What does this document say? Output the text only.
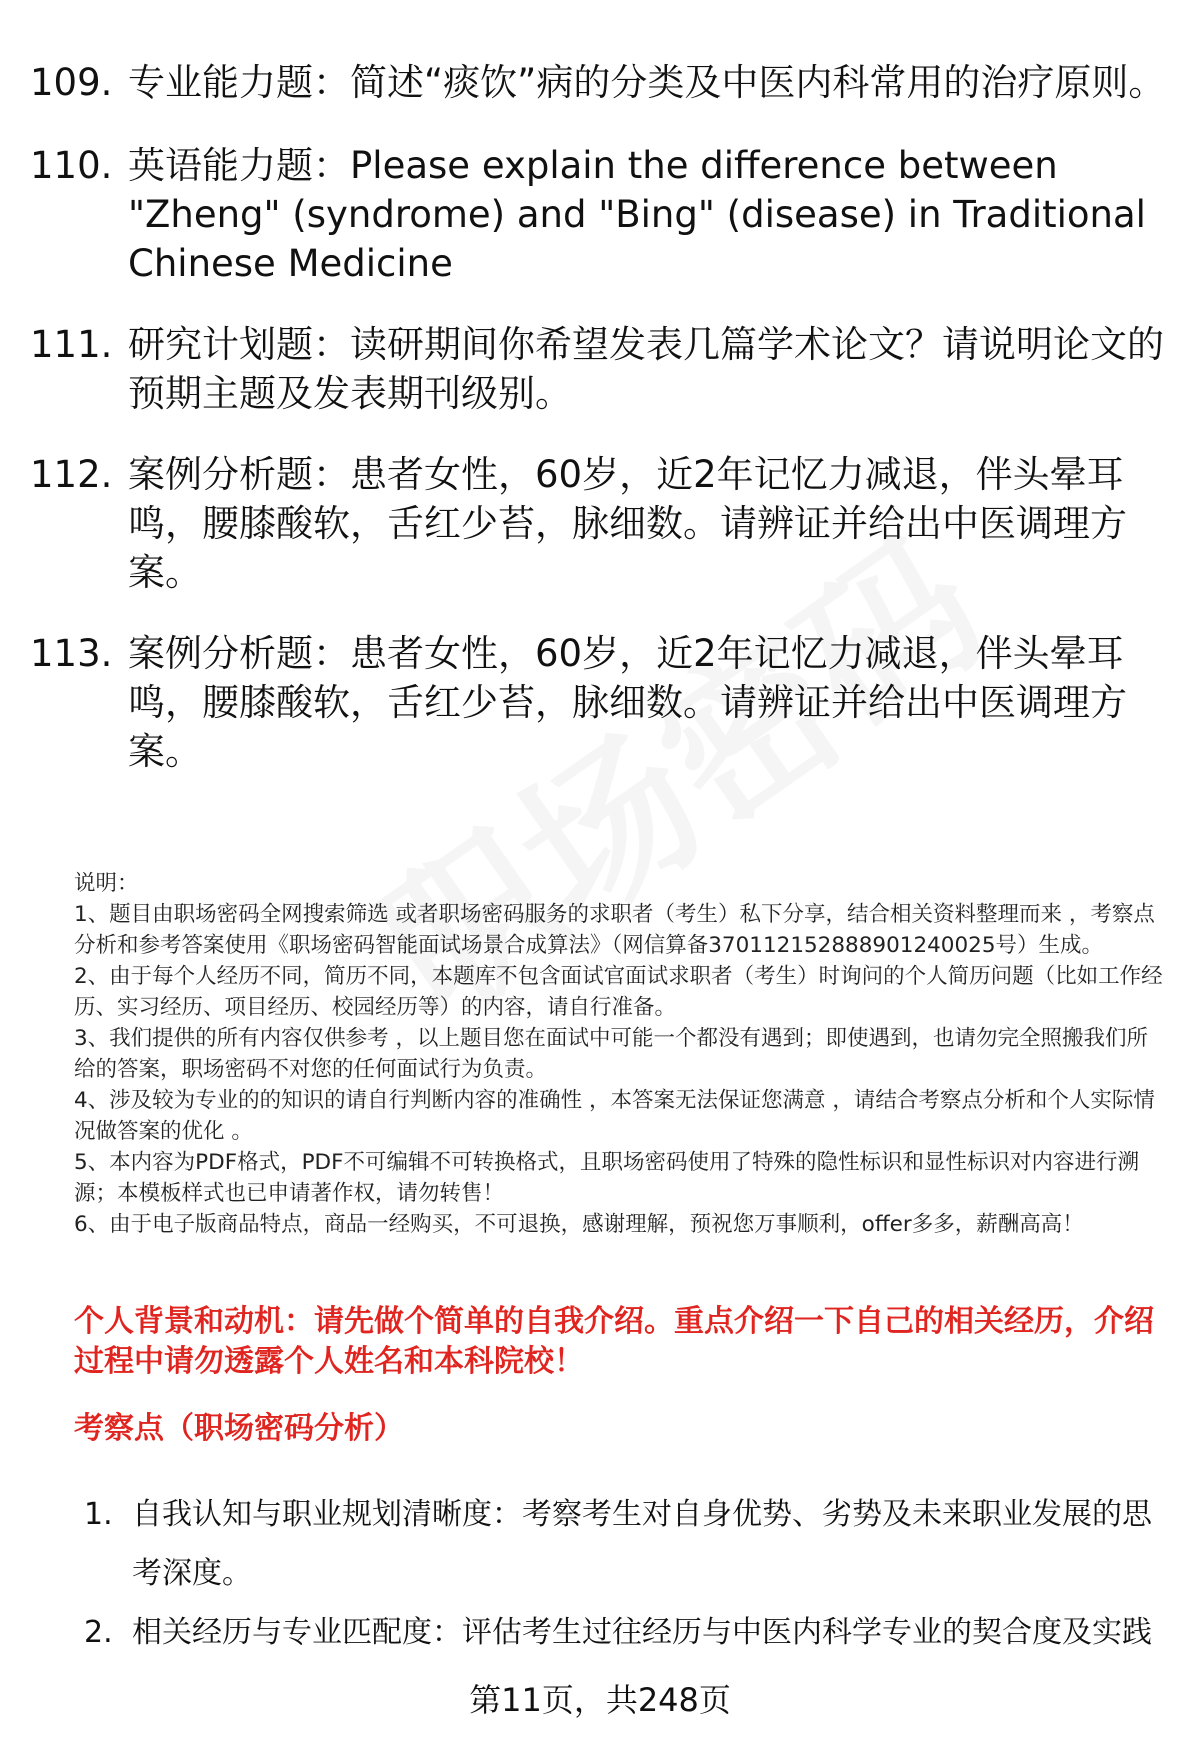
109. 专业能力题：简述“痰饮”病的分类及中医内科常用的治疗原则。
110. 英语能力题：Please explain the difference between "Zheng" (syndrome) and "Bing" (disease) in Traditional Chinese Medicine
111. 研究计划题：读研期间你希望发表几篇学术论文？请说明论文的预期主题及发表期刊级别。
112. 案例分析题：患者女性，60岁，近2年记忆力减退，伴头晕耳鸣，腰膝酸软，舌红少苔，脉细数。请辨证并给出中医调理方案。
113. 案例分析题：患者女性，60岁，近2年记忆力减退，伴头晕耳鸣，腰膝酸软，舌红少苔，脉细数。请辨证并给出中医调理方案。

说明：

1、题目由职场密码全网搜索筛选 或者职场密码服务的求职者（考生）私下分享，结合相关资料整理而来 ，考察点分析和参考答案使用《职场密码智能面试场景合成算法》（网信算备370112152888901240025号）生成。

2、由于每个人经历不同，简历不同，本题库不包含面试官面试求职者（考生）时询问的个人简历问题（比如工作经历、实习经历、项目经历、校园经历等）的内容，请自行准备。

3、我们提供的所有内容仅供参考 ，以上题目您在面试中可能一个都没有遇到；即使遇到，也请勿完全照搬我们所给的答案，职场密码不对您的任何面试行为负责。

4、涉及较为专业的的知识的请自行判断内容的准确性 ，本答案无法保证您满意 ，请结合考察点分析和个人实际情况做答案的优化 。

5、本内容为PDF格式，PDF不可编辑不可转换格式，且职场密码使用了特殊的隐性标识和显性标识对内容进行溯源；本模板样式也已申请著作权，请勿转售！

6、由于电子版商品特点，商品一经购买，不可退换，感谢理解，预祝您万事顺利，offer多多，薪酬高高！

个人背景和动机：请先做个简单的自我介绍。重点介绍一下自己的相关经历，介绍过程中请勿透露个人姓名和本科院校！
考察点（职场密码分析）
1. 自我认知与职业规划清晰度：考察考生对自身优势、劣势及未来职业发展的思考深度。
2. 相关经历与专业匹配度：评估考生过往经历与中医内科学专业的契合度及实践
第11页，共248页
